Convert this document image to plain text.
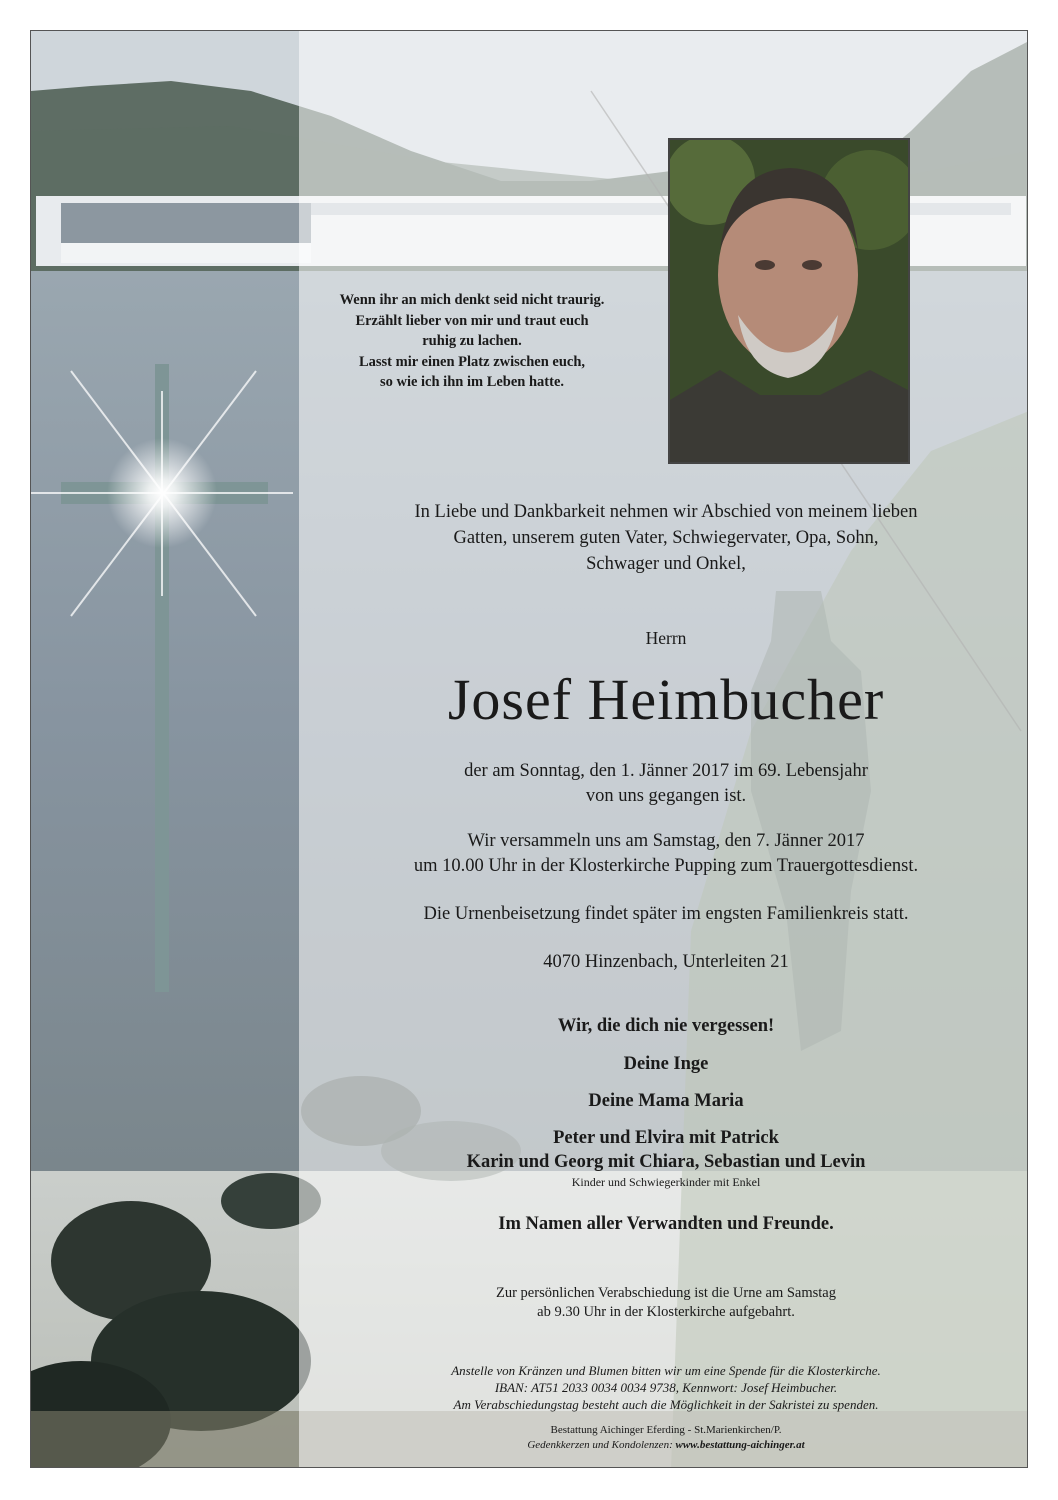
Wenn ihr an mich denkt seid nicht traurig.
Erzählt lieber von mir und traut euch
ruhig zu lachen.
Lasst mir einen Platz zwischen euch,
so wie ich ihn im Leben hatte.
In Liebe und Dankbarkeit nehmen wir Abschied von meinem lieben
Gatten, unserem guten Vater, Schwiegervater, Opa, Sohn,
Schwager und Onkel,
Herrn
Josef Heimbucher
der am Sonntag, den 1. Jänner 2017 im 69. Lebensjahr
von uns gegangen ist.
Wir versammeln uns am Samstag, den 7. Jänner 2017
um 10.00 Uhr in der Klosterkirche Pupping zum Trauergottesdienst.
Die Urnenbeisetzung findet später im engsten Familienkreis statt.
4070 Hinzenbach, Unterleiten 21
Wir, die dich nie vergessen!
Deine Inge
Deine Mama Maria
Peter und Elvira mit Patrick
Karin und Georg mit Chiara, Sebastian und Levin
Kinder und Schwiegerkinder mit Enkel
Im Namen aller Verwandten und Freunde.
Zur persönlichen Verabschiedung ist die Urne am Samstag
ab 9.30 Uhr in der Klosterkirche aufgebahrt.
Anstelle von Kränzen und Blumen bitten wir um eine Spende für die Klosterkirche.
IBAN: AT51 2033 0034 0034 9738, Kennwort: Josef Heimbucher.
Am Verabschiedungstag besteht auch die Möglichkeit in der Sakristei zu spenden.
Bestattung Aichinger Eferding - St.Marienkirchen/P.
Gedenkkerzen und Kondolenzen: www.bestattung-aichinger.at
